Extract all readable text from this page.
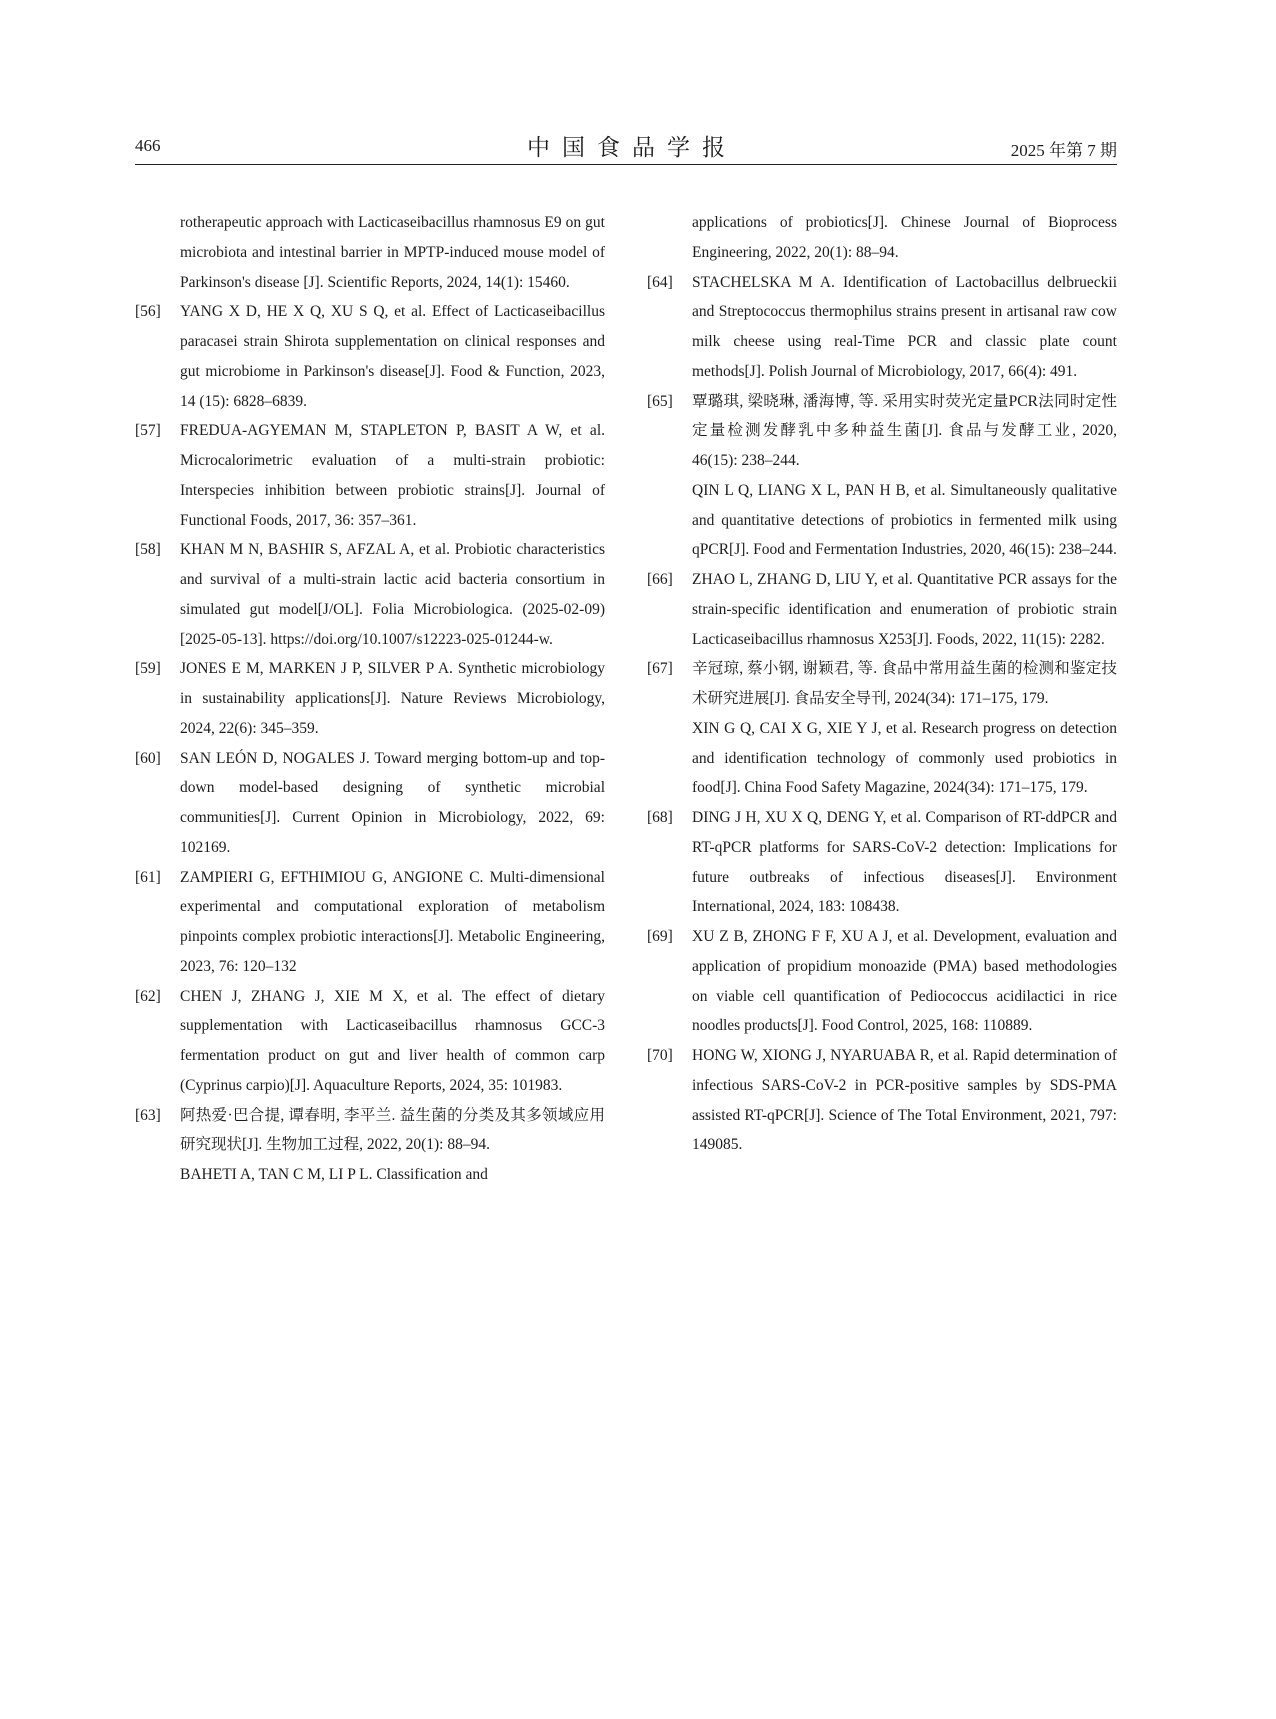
466	中国食品学报	2025 年第 7 期
rotherapeutic approach with Lacticaseibacillus rhamnosus E9 on gut microbiota and intestinal barrier in MPTP-induced mouse model of Parkinson's disease [J]. Scientific Reports, 2024, 14(1): 15460.
[56] YANG X D, HE X Q, XU S Q, et al. Effect of Lacticaseibacillus paracasei strain Shirota supplementation on clinical responses and gut microbiome in Parkinson's disease[J]. Food & Function, 2023, 14 (15): 6828–6839.
[57] FREDUA-AGYEMAN M, STAPLETON P, BASIT A W, et al. Microcalorimetric evaluation of a multi-strain probiotic: Interspecies inhibition between probiotic strains[J]. Journal of Functional Foods, 2017, 36: 357–361.
[58] KHAN M N, BASHIR S, AFZAL A, et al. Probiotic characteristics and survival of a multi-strain lactic acid bacteria consortium in simulated gut model[J/OL]. Folia Microbiologica. (2025-02-09) [2025-05-13]. https://doi.org/10.1007/s12223-025-01244-w.
[59] JONES E M, MARKEN J P, SILVER P A. Synthetic microbiology in sustainability applications[J]. Nature Reviews Microbiology, 2024, 22(6): 345–359.
[60] SAN LEÓN D, NOGALES J. Toward merging bottom-up and top-down model-based designing of synthetic microbial communities[J]. Current Opinion in Microbiology, 2022, 69: 102169.
[61] ZAMPIERI G, EFTHIMIOU G, ANGIONE C. Multi-dimensional experimental and computational exploration of metabolism pinpoints complex probiotic interactions[J]. Metabolic Engineering, 2023, 76: 120–132
[62] CHEN J, ZHANG J, XIE M X, et al. The effect of dietary supplementation with Lacticaseibacillus rhamnosus GCC-3 fermentation product on gut and liver health of common carp (Cyprinus carpio)[J]. Aquaculture Reports, 2024, 35: 101983.
[63] 阿热爱·巴合提, 谭春明, 李平兰. 益生菌的分类及其多领域应用研究现状[J]. 生物加工过程, 2022, 20(1): 88–94.
BAHETI A, TAN C M, LI P L. Classification and
applications of probiotics[J]. Chinese Journal of Bioprocess Engineering, 2022, 20(1): 88–94.
[64] STACHELSKA M A. Identification of Lactobacillus delbrueckii and Streptococcus thermophilus strains present in artisanal raw cow milk cheese using real-Time PCR and classic plate count methods[J]. Polish Journal of Microbiology, 2017, 66(4): 491.
[65] 覃璐琪, 梁晓琳, 潘海博, 等. 采用实时荧光定量PCR法同时定性定量检测发酵乳中多种益生菌[J]. 食品与发酵工业, 2020, 46(15): 238–244.
QIN L Q, LIANG X L, PAN H B, et al. Simultaneously qualitative and quantitative detections of probiotics in fermented milk using qPCR[J]. Food and Fermentation Industries, 2020, 46(15): 238–244.
[66] ZHAO L, ZHANG D, LIU Y, et al. Quantitative PCR assays for the strain-specific identification and enumeration of probiotic strain Lacticaseibacillus rhamnosus X253[J]. Foods, 2022, 11(15): 2282.
[67] 辛冠琼, 蔡小钢, 谢颖君, 等. 食品中常用益生菌的检测和鉴定技术研究进展[J]. 食品安全导刊, 2024(34): 171–175, 179.
XIN G Q, CAI X G, XIE Y J, et al. Research progress on detection and identification technology of commonly used probiotics in food[J]. China Food Safety Magazine, 2024(34): 171–175, 179.
[68] DING J H, XU X Q, DENG Y, et al. Comparison of RT-ddPCR and RT-qPCR platforms for SARS-CoV-2 detection: Implications for future outbreaks of infectious diseases[J]. Environment International, 2024, 183: 108438.
[69] XU Z B, ZHONG F F, XU A J, et al. Development, evaluation and application of propidium monoazide (PMA) based methodologies on viable cell quantification of Pediococcus acidilactici in rice noodles products[J]. Food Control, 2025, 168: 110889.
[70] HONG W, XIONG J, NYARUABA R, et al. Rapid determination of infectious SARS-CoV-2 in PCR-positive samples by SDS-PMA assisted RT-qPCR[J]. Science of The Total Environment, 2021, 797: 149085.
